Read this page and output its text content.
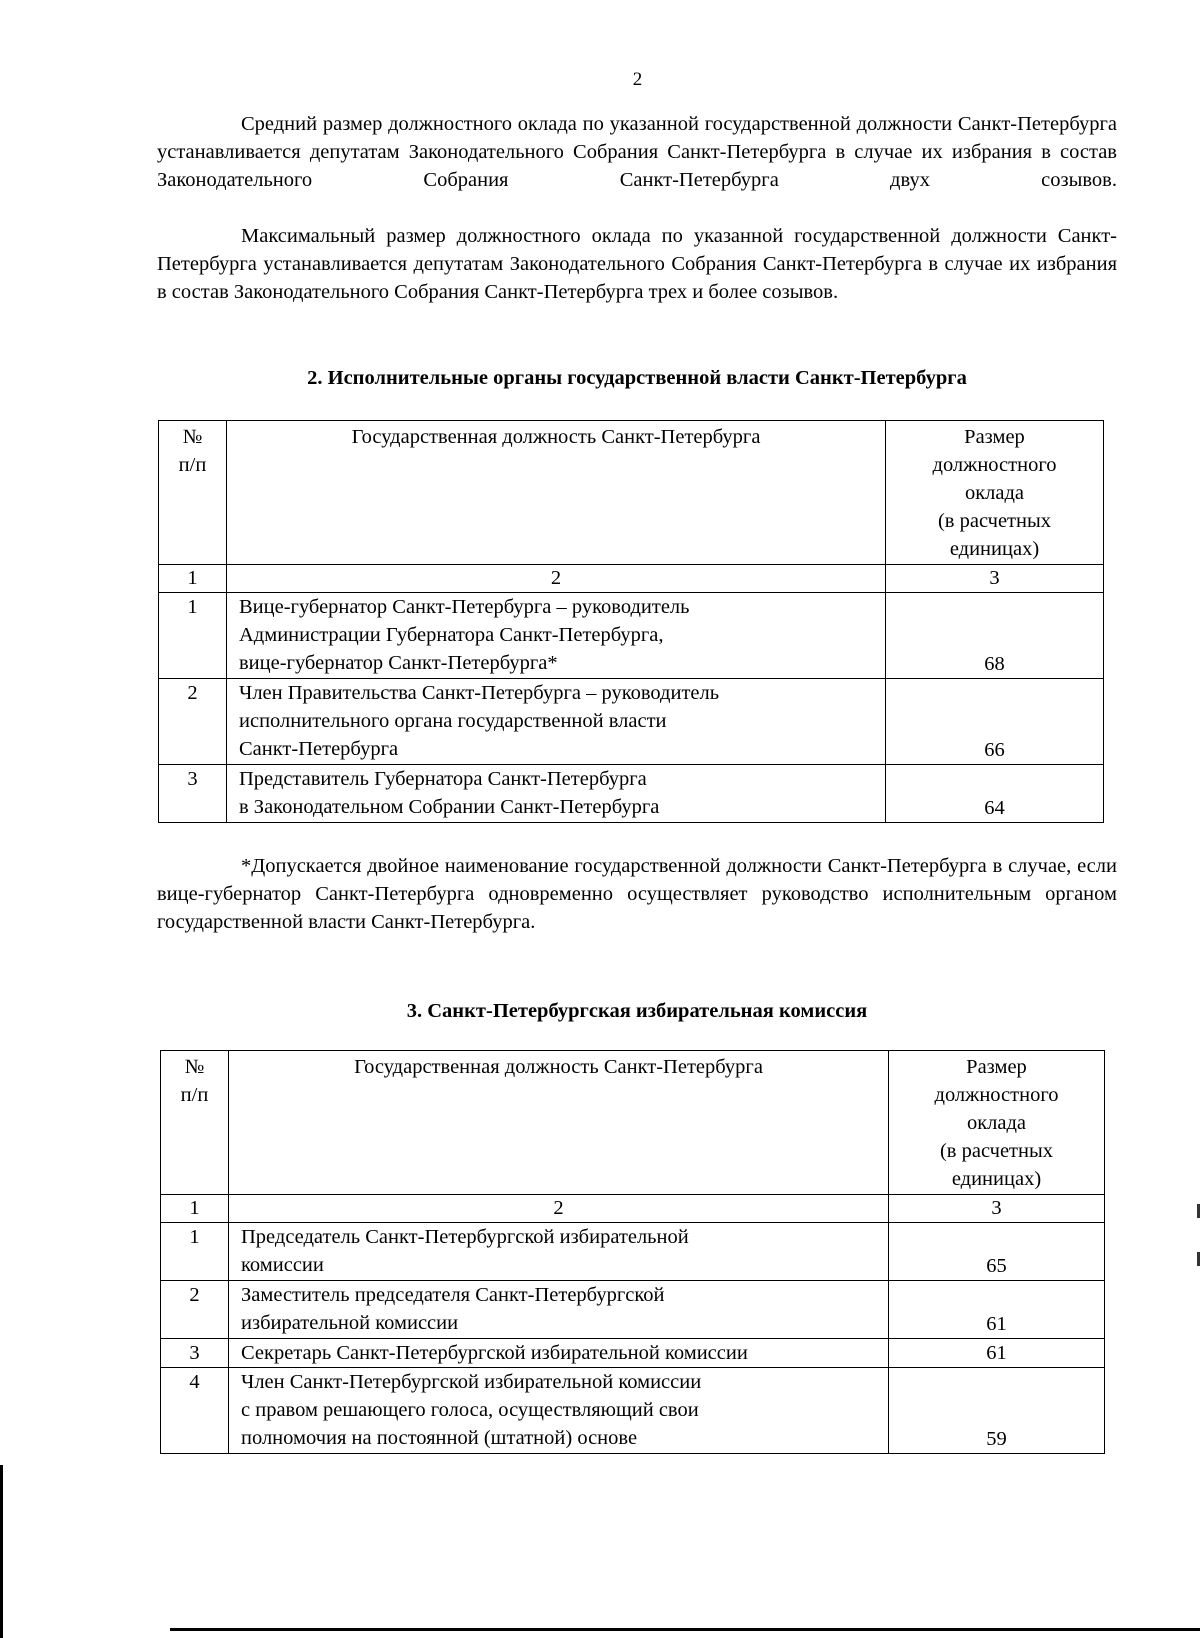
2

Средний размер должностного оклада по указанной государственной должности Санкт-Петербурга устанавливается депутатам Законодательного Собрания Санкт-Петербурга в случае их избрания в состав Законодательного Собрания Санкт-Петербурга двух созывов.

Максимальный размер должностного оклада по указанной государственной должности Санкт-Петербурга устанавливается депутатам Законодательного Собрания Санкт-Петербурга в случае их избрания в состав Законодательного Собрания Санкт-Петербурга трех и более созывов.

2. Исполнительные органы государственной власти Санкт-Петербурга
№
п/п	Государственная должность Санкт-Петербурга	Размер
должностного
оклада
(в расчетных
единицах)
1	2	3
1	Вице-губернатор Санкт-Петербурга – руководитель
Администрации Губернатора Санкт-Петербурга,
вице-губернатор Санкт-Петербурга*	68
2	Член Правительства Санкт-Петербурга – руководитель
исполнительного органа государственной власти
Санкт-Петербурга	66
3	Представитель Губернатора Санкт-Петербурга
в Законодательном Собрании Санкт-Петербурга	64

*Допускается двойное наименование государственной должности Санкт-Петербурга в случае, если вице-губернатор Санкт-Петербурга одновременно осуществляет руководство исполнительным органом государственной власти Санкт-Петербурга.

3. Санкт-Петербургская избирательная комиссия
№
п/п	Государственная должность Санкт-Петербурга	Размер
должностного
оклада
(в расчетных
единицах)
1	2	3
1	Председатель Санкт-Петербургской избирательной
комиссии	65
2	Заместитель председателя Санкт-Петербургской
избирательной комиссии	61
3	Секретарь Санкт-Петербургской избирательной комиссии	61
4	Член Санкт-Петербургской избирательной комиссии
с правом решающего голоса, осуществляющий свои
полномочия на постоянной (штатной) основе	59
